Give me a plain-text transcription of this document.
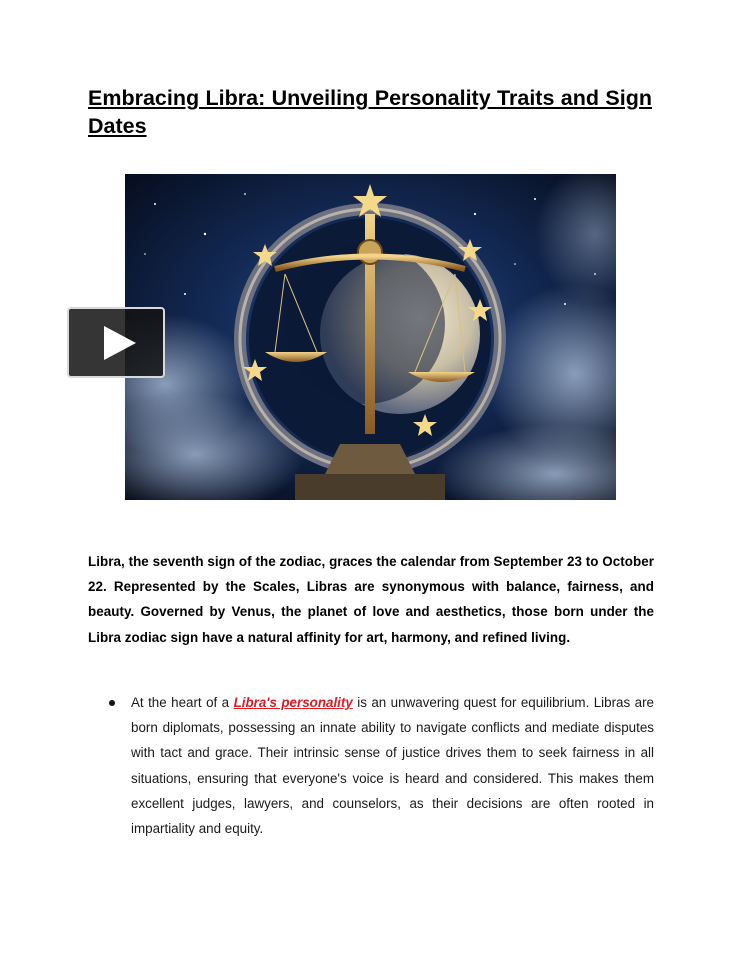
Embracing Libra: Unveiling Personality Traits and Sign Dates

Libra, the seventh sign of the zodiac, graces the calendar from September 23 to October 22. Represented by the Scales, Libras are synonymous with balance, fairness, and beauty. Governed by Venus, the planet of love and aesthetics, those born under the Libra zodiac sign have a natural affinity for art, harmony, and refined living.

At the heart of a Libra's personality is an unwavering quest for equilibrium. Libras are born diplomats, possessing an innate ability to navigate conflicts and mediate disputes with tact and grace. Their intrinsic sense of justice drives them to seek fairness in all situations, ensuring that everyone's voice is heard and considered. This makes them excellent judges, lawyers, and counselors, as their decisions are often rooted in impartiality and equity.
